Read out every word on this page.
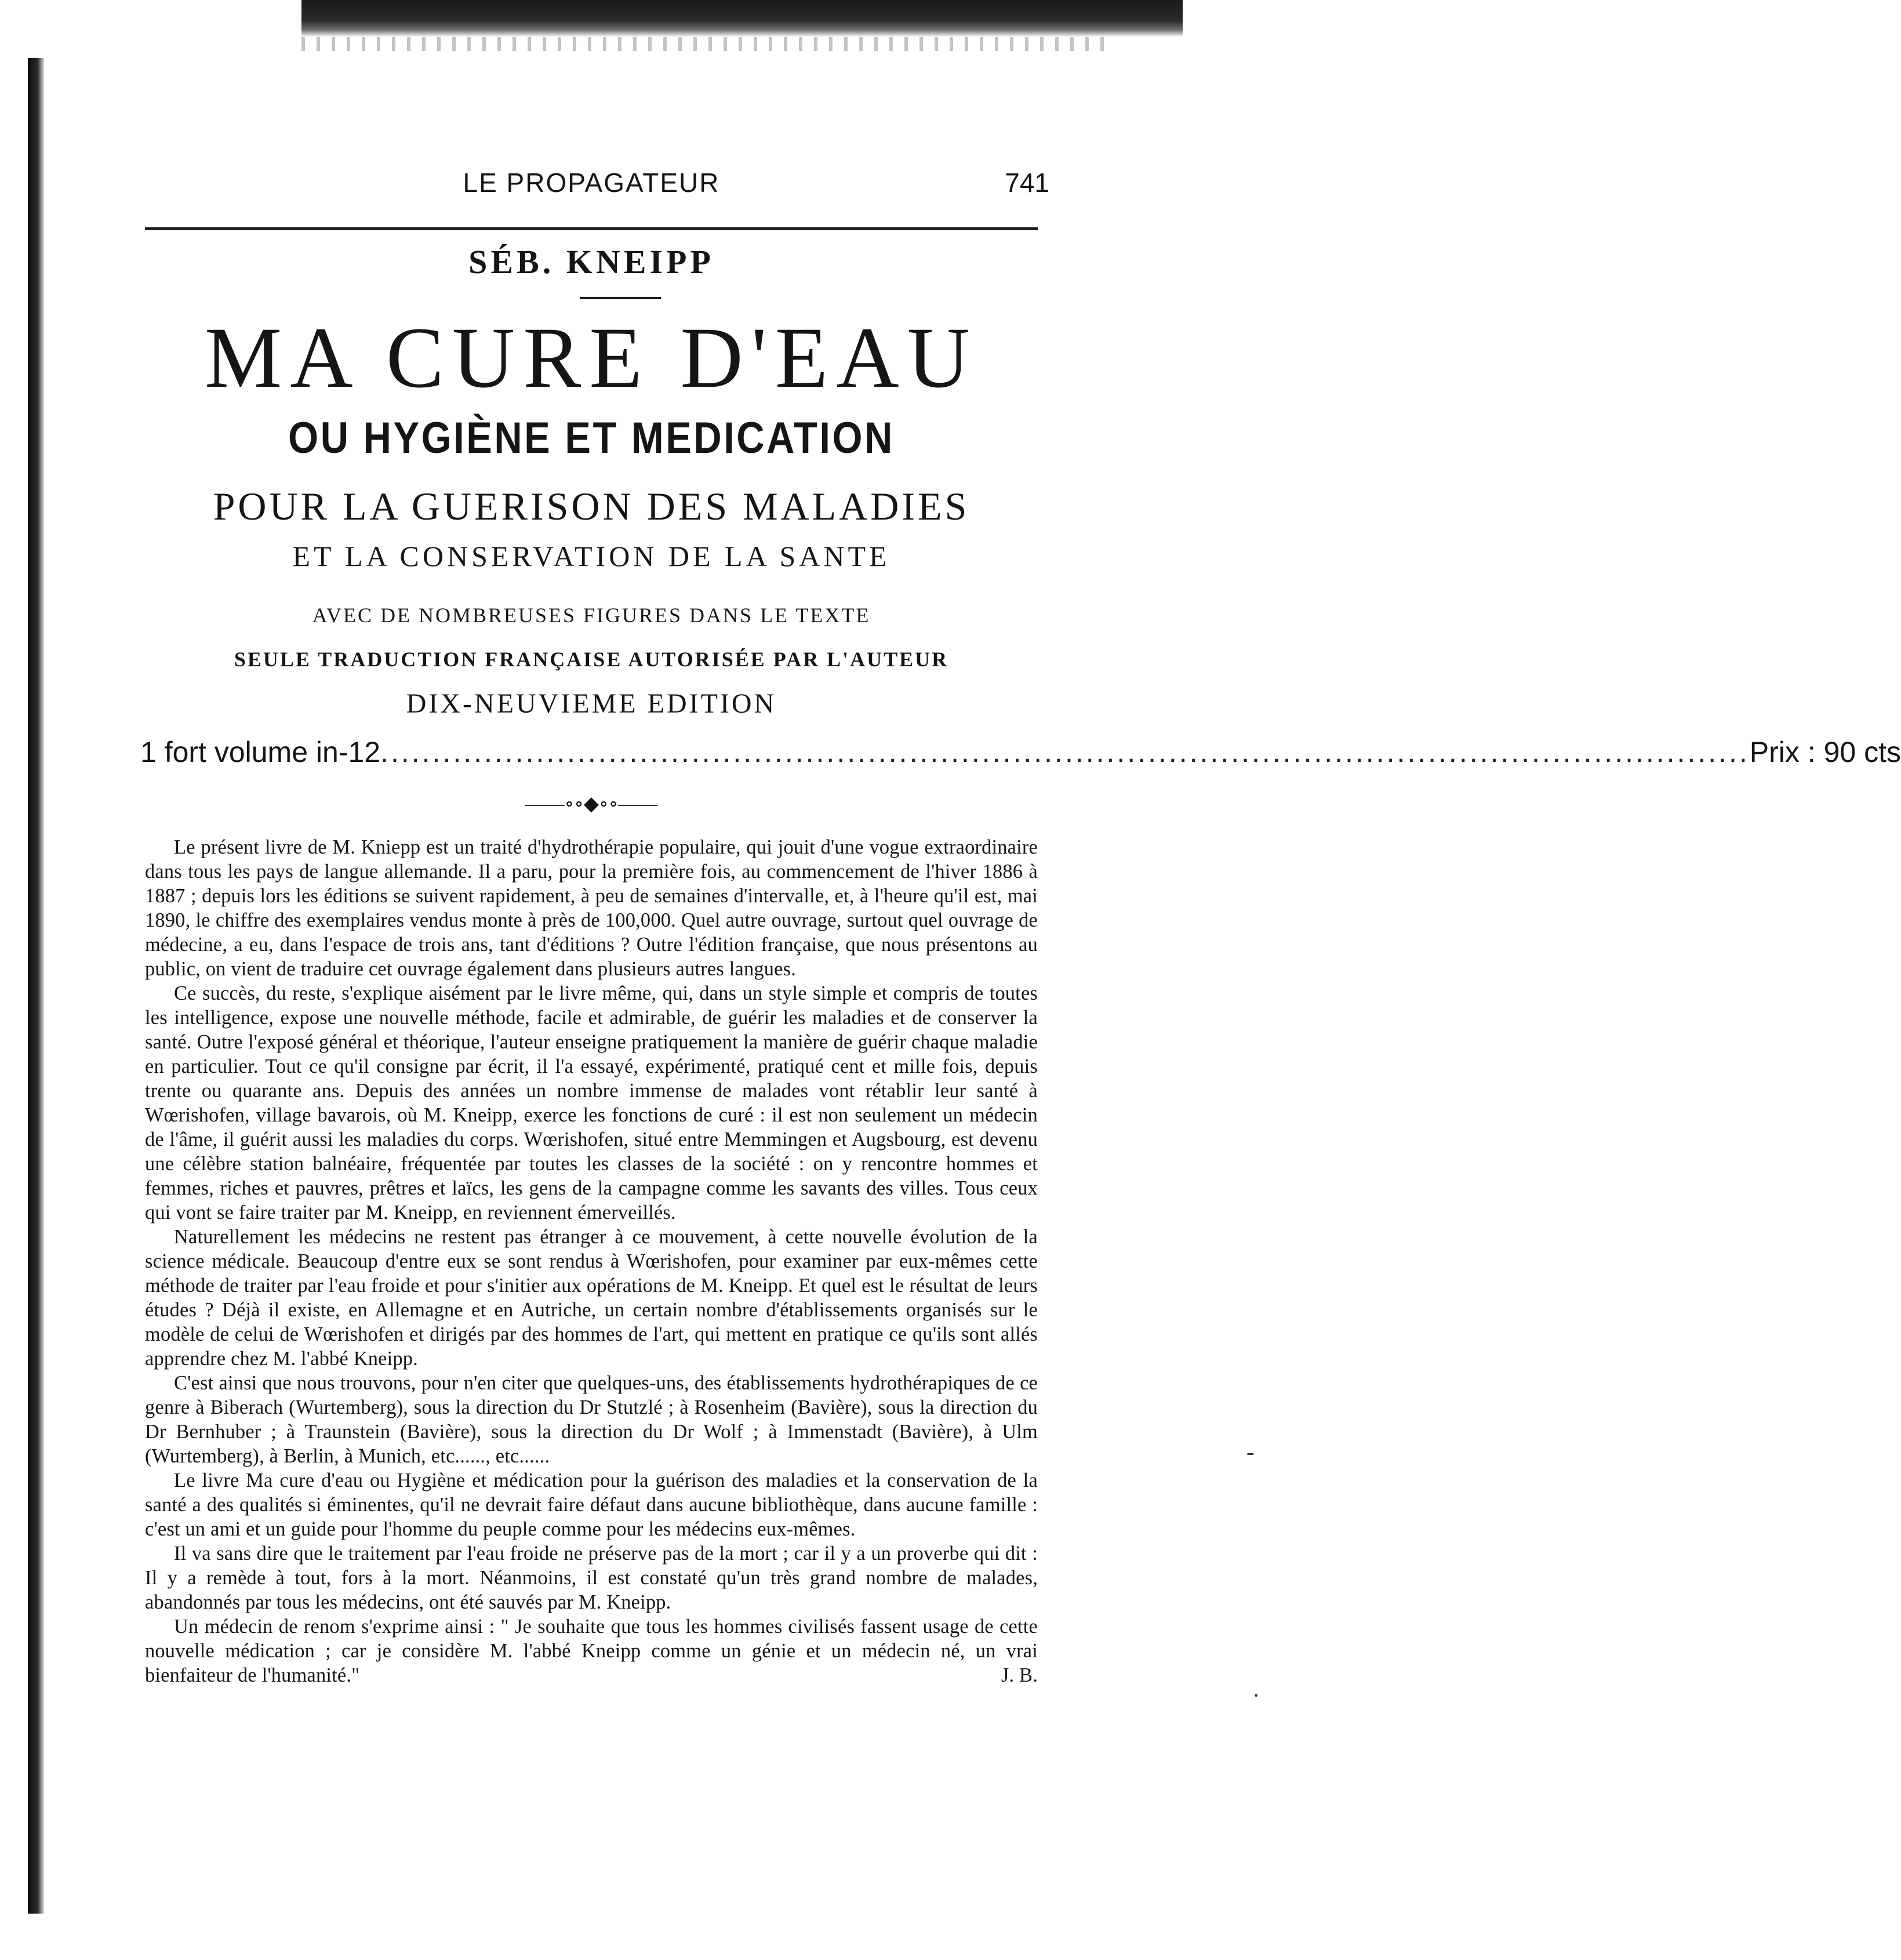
LE PROPAGATEUR	741
SÉB. KNEIPP
MA CURE D'EAU
OU HYGIÈNE ET MEDICATION
POUR LA GUERISON DES MALADIES
ET LA CONSERVATION DE LA SANTE
AVEC DE NOMBREUSES FIGURES DANS LE TEXTE
SEULE TRADUCTION FRANÇAISE AUTORISÉE PAR L'AUTEUR
DIX-NEUVIEME EDITION
1 fort volume in-12 .................................................................................................................................... Prix : 90 cts
——∘∘◆∘∘——

Le présent livre de M. Kniepp est un traité d'hydrothérapie populaire, qui jouit d'une vogue extraordinaire dans tous les pays de langue allemande. Il a paru, pour la première fois, au commencement de l'hiver 1886 à 1887 ; depuis lors les éditions se suivent rapidement, à peu de semaines d'intervalle, et, à l'heure qu'il est, mai 1890, le chiffre des exemplaires vendus monte à près de 100,000. Quel autre ouvrage, surtout quel ouvrage de médecine, a eu, dans l'espace de trois ans, tant d'éditions ? Outre l'édition française, que nous présentons au public, on vient de traduire cet ouvrage également dans plusieurs autres langues.

Ce succès, du reste, s'explique aisément par le livre même, qui, dans un style simple et compris de toutes les intelligence, expose une nouvelle méthode, facile et admirable, de guérir les maladies et de conserver la santé. Outre l'exposé général et théorique, l'auteur enseigne pratiquement la manière de guérir chaque maladie en particulier. Tout ce qu'il consigne par écrit, il l'a essayé, expérimenté, pratiqué cent et mille fois, depuis trente ou quarante ans. Depuis des années un nombre immense de malades vont rétablir leur santé à Wœrishofen, village bavarois, où M. Kneipp, exerce les fonctions de curé : il est non seulement un médecin de l'âme, il guérit aussi les maladies du corps. Wœrishofen, situé entre Memmingen et Augsbourg, est devenu une célèbre station balnéaire, fréquentée par toutes les classes de la société : on y rencontre hommes et femmes, riches et pauvres, prêtres et laïcs, les gens de la campagne comme les savants des villes. Tous ceux qui vont se faire traiter par M. Kneipp, en reviennent émerveillés.

Naturellement les médecins ne restent pas étranger à ce mouvement, à cette nouvelle évolution de la science médicale. Beaucoup d'entre eux se sont rendus à Wœrishofen, pour examiner par eux-mêmes cette méthode de traiter par l'eau froide et pour s'initier aux opérations de M. Kneipp. Et quel est le résultat de leurs études ? Déjà il existe, en Allemagne et en Autriche, un certain nombre d'établissements organisés sur le modèle de celui de Wœrishofen et dirigés par des hommes de l'art, qui mettent en pratique ce qu'ils sont allés apprendre chez M. l'abbé Kneipp.

C'est ainsi que nous trouvons, pour n'en citer que quelques-uns, des établissements hydrothérapiques de ce genre à Biberach (Wurtemberg), sous la direction du Dr Stutzlé ; à Rosenheim (Bavière), sous la direction du Dr Bernhuber ; à Traunstein (Bavière), sous la direction du Dr Wolf ; à Immenstadt (Bavière), à Ulm (Wurtemberg), à Berlin, à Munich, etc......, etc......

Le livre Ma cure d'eau ou Hygiène et médication pour la guérison des maladies et la conservation de la santé a des qualités si éminentes, qu'il ne devrait faire défaut dans aucune bibliothèque, dans aucune famille : c'est un ami et un guide pour l'homme du peuple comme pour les médecins eux-mêmes.

Il va sans dire que le traitement par l'eau froide ne préserve pas de la mort ; car il y a un proverbe qui dit : Il y a remède à tout, fors à la mort. Néanmoins, il est constaté qu'un très grand nombre de malades, abandonnés par tous les médecins, ont été sauvés par M. Kneipp.

Un médecin de renom s'exprime ainsi : " Je souhaite que tous les hommes civilisés fassent usage de cette nouvelle médication ; car je considère M. l'abbé Kneipp comme un génie et un médecin né, un vrai bienfaiteur de l'humanité."	J. B.

-
·
